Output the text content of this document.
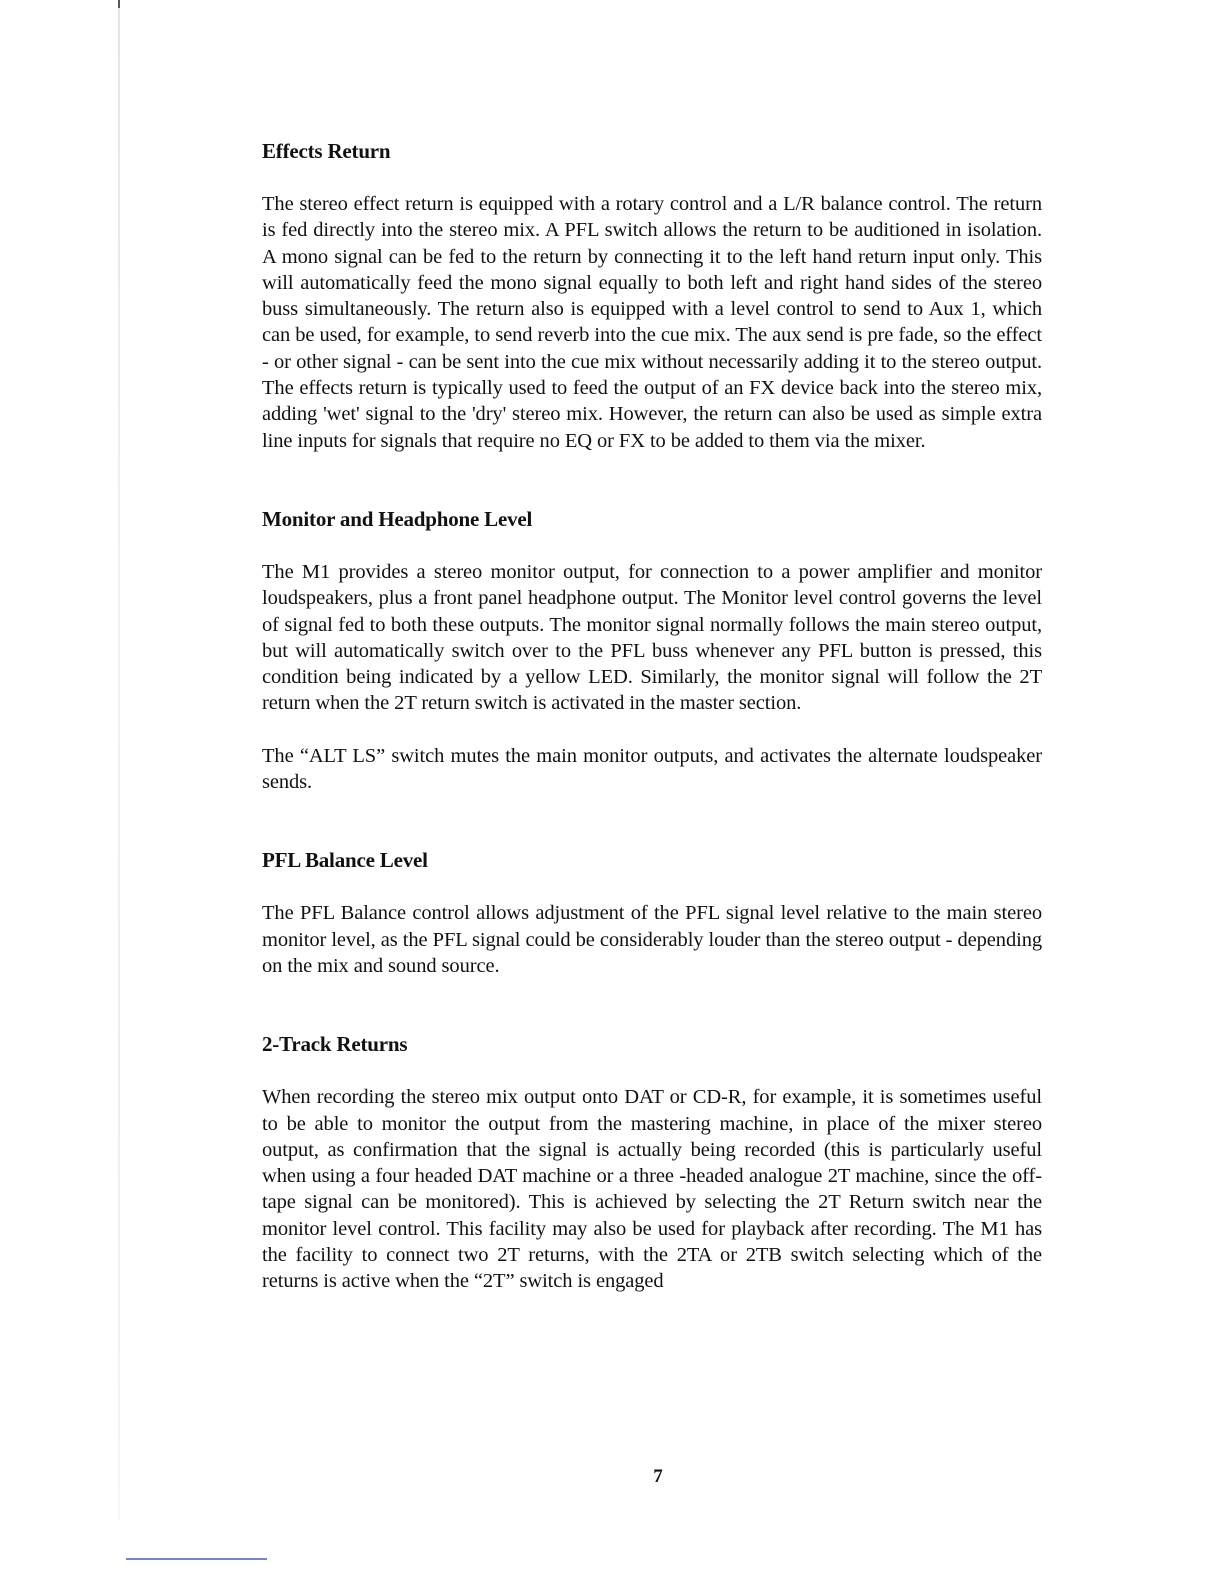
Effects Return

The stereo effect return is equipped with a rotary control and a L/R balance control. The return is fed directly into the stereo mix. A PFL switch allows the return to be auditioned in isolation. A mono signal can be fed to the return by connecting it to the left hand return input only. This will automatically feed the mono signal equally to both left and right hand sides of the stereo buss simultaneously. The return also is equipped with a level control to send to Aux 1, which can be used, for example, to send reverb into the cue mix. The aux send is pre fade, so the effect - or other signal - can be sent into the cue mix without necessarily adding it to the stereo output. The effects return is typically used to feed the output of an FX device back into the stereo mix, adding 'wet' signal to the 'dry' stereo mix. However, the return can also be used as simple extra line inputs for signals that require no EQ or FX to be added to them via the mixer.

Monitor and Headphone Level

The M1 provides a stereo monitor output, for connection to a power amplifier and monitor loudspeakers, plus a front panel headphone output. The Monitor level control governs the level of signal fed to both these outputs. The monitor signal normally follows the main stereo output, but will automatically switch over to the PFL buss whenever any PFL button is pressed, this condition being indicated by a yellow LED. Similarly, the monitor signal will follow the 2T return when the 2T return switch is activated in the master section.

The “ALT LS” switch mutes the main monitor outputs, and activates the alternate loudspeaker sends.

PFL Balance Level

The PFL Balance control allows adjustment of the PFL signal level relative to the main stereo monitor level, as the PFL signal could be considerably louder than the stereo output - depending on the mix and sound source.

2-Track Returns

When recording the stereo mix output onto DAT or CD-R, for example, it is sometimes useful to be able to monitor the output from the mastering machine, in place of the mixer stereo output, as confirmation that the signal is actually being recorded (this is particularly useful when using a four headed DAT machine or a three -headed analogue 2T machine, since the off-tape signal can be monitored). This is achieved by selecting the 2T Return switch near the monitor level control. This facility may also be used for playback after recording. The M1 has the facility to connect two 2T returns, with the 2TA or 2TB switch selecting which of the returns is active when the “2T” switch is engaged

7
